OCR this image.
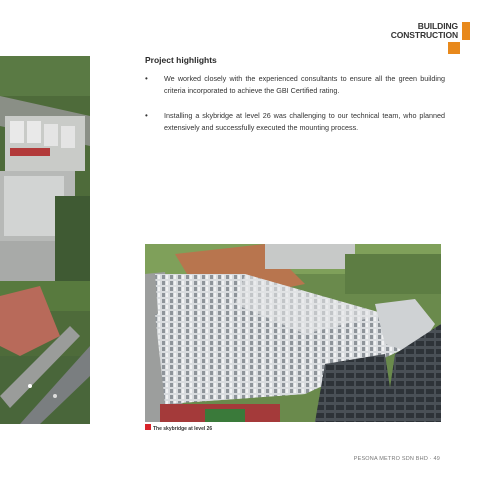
BUILDING
CONSTRUCTION
Project highlights
• We worked closely with the experienced consultants to ensure all the green building criteria incorporated to achieve the GBI Certified rating.
• Installing a skybridge at level 26 was challenging to our technical team, who planned extensively and successfully executed the mounting process.
The skybridge at level 26
PESONA METRO SDN BHD · 49
